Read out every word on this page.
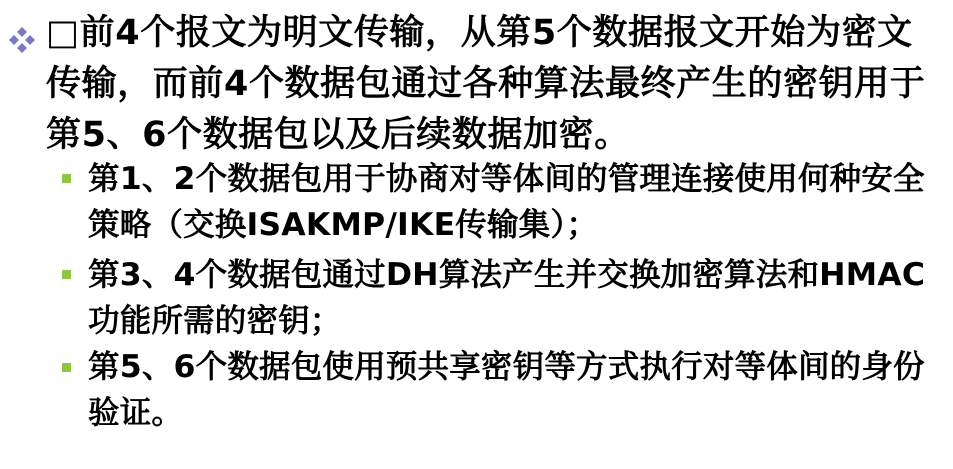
□前4个报文为明文传输，从第5个数据报文开始为密文传输，而前4个数据包通过各种算法最终产生的密钥用于第5、6个数据包以及后续数据加密。

第1、2个数据包用于协商对等体间的管理连接使用何种安全策略（交换ISAKMP/IKE传输集）；

第3、4个数据包通过DH算法产生并交换加密算法和HMAC功能所需的密钥；

第5、6个数据包使用预共享密钥等方式执行对等体间的身份验证。
